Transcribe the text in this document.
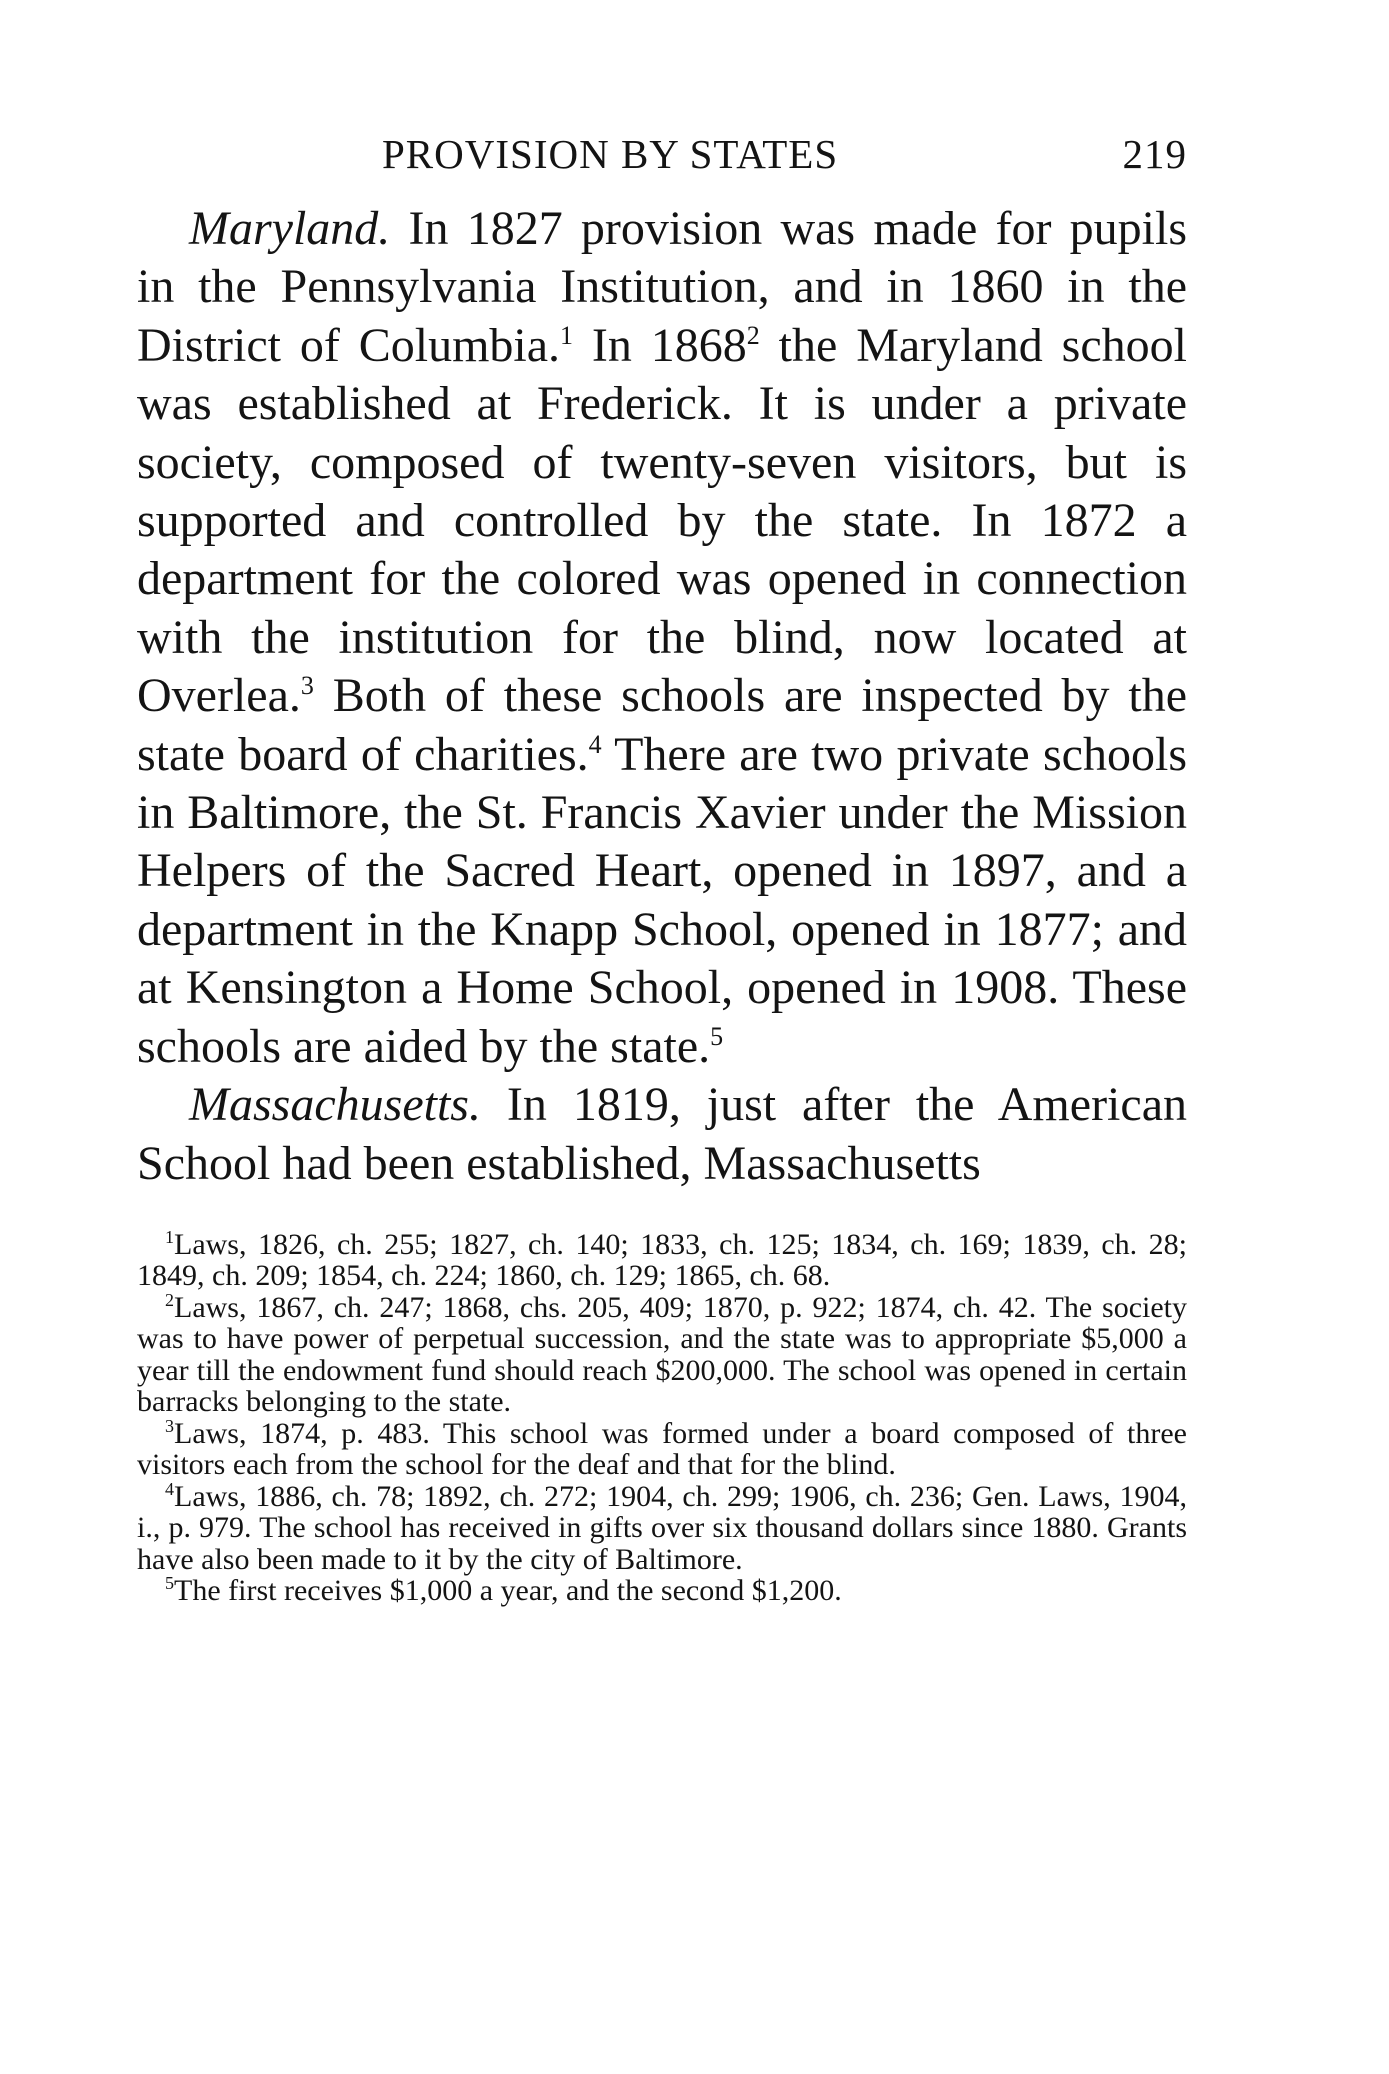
PROVISION BY STATES	219

Maryland. In 1827 provision was made for pupils in the Pennsylvania Institution, and in 1860 in the District of Columbia.$^1$ In 1868$^2$ the Maryland school was established at Frederick. It is under a private society, composed of twenty-seven visitors, but is supported and controlled by the state. In 1872 a department for the colored was opened in connection with the institution for the blind, now located at Overlea.$^3$ Both of these schools are inspected by the state board of charities.$^4$ There are two private schools in Baltimore, the St. Francis Xavier under the Mission Helpers of the Sacred Heart, opened in 1897, and a department in the Knapp School, opened in 1877; and at Kensington a Home School, opened in 1908. These schools are aided by the state.$^5$

Massachusetts. In 1819, just after the American School had been established, Massachusetts

$^1$Laws, 1826, ch. 255; 1827, ch. 140; 1833, ch. 125; 1834, ch. 169; 1839, ch. 28; 1849, ch. 209; 1854, ch. 224; 1860, ch. 129; 1865, ch. 68.

$^2$Laws, 1867, ch. 247; 1868, chs. 205, 409; 1870, p. 922; 1874, ch. 42. The society was to have power of perpetual succession, and the state was to appropriate $5,000 a year till the endowment fund should reach $200,000. The school was opened in certain barracks belonging to the state.

$^3$Laws, 1874, p. 483. This school was formed under a board composed of three visitors each from the school for the deaf and that for the blind.

$^4$Laws, 1886, ch. 78; 1892, ch. 272; 1904, ch. 299; 1906, ch. 236; Gen. Laws, 1904, i., p. 979. The school has received in gifts over six thousand dollars since 1880. Grants have also been made to it by the city of Baltimore.

$^5$The first receives $1,000 a year, and the second $1,200.
